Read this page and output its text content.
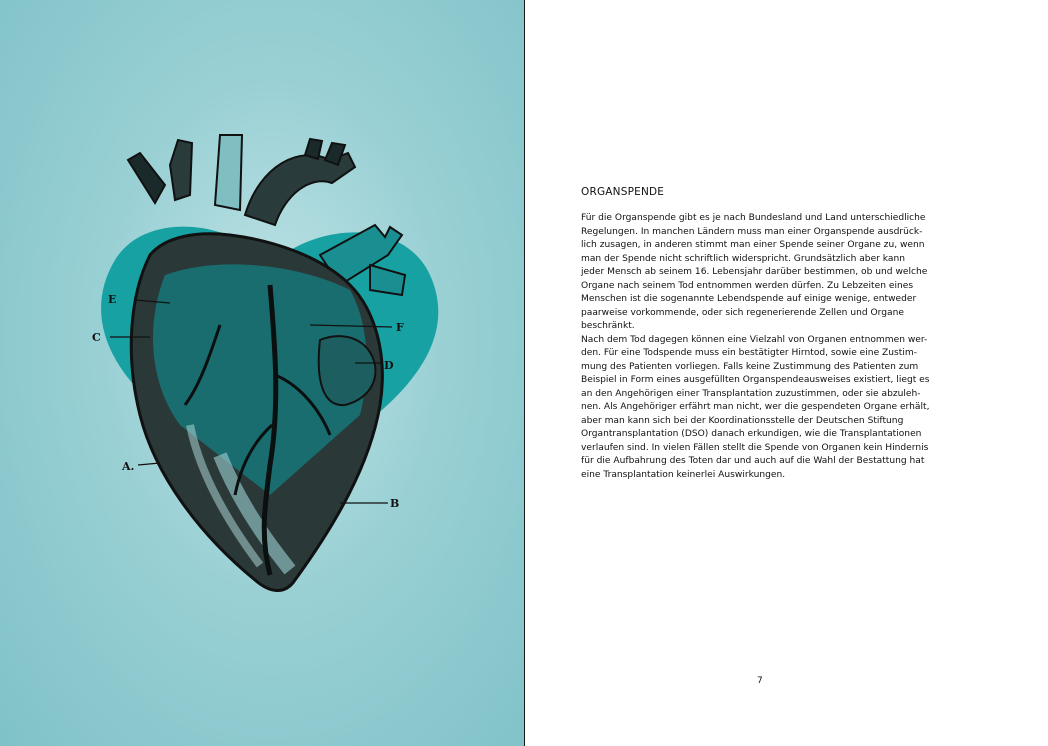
E
C
F
D
A.
B
ORGANSPENDE

Für die Organspende gibt es je nach Bundesland und Land unterschiedliche

Regelungen. In manchen Ländern muss man einer Organspende ausdrück-

lich zusagen, in anderen stimmt man einer Spende seiner Organe zu, wenn

man der Spende nicht schriftlich widerspricht. Grundsätzlich aber kann

jeder Mensch ab seinem 16. Lebensjahr darüber bestimmen, ob und welche

Organe nach seinem Tod entnommen werden dürfen. Zu Lebzeiten eines

Menschen ist die sogenannte Lebendspende auf einige wenige, entweder

paarweise vorkommende, oder sich regenerierende Zellen und Organe

beschränkt.

Nach dem Tod dagegen können eine Vielzahl von Organen entnommen wer-

den. Für eine Todspende muss ein bestätigter Hirntod, sowie eine Zustim-

mung des Patienten vorliegen. Falls keine Zustimmung des Patienten zum

Beispiel in Form eines ausgefüllten Organspendeausweises existiert, liegt es

an den Angehörigen einer Transplantation zuzustimmen, oder sie abzuleh-

nen. Als Angehöriger erfährt man nicht, wer die gespendeten Organe erhält,

aber man kann sich bei der Koordinationsstelle der Deutschen Stiftung

Organtransplantation (DSO) danach erkundigen, wie die Transplantationen

verlaufen sind. In vielen Fällen stellt die Spende von Organen kein Hindernis

für die Aufbahrung des Toten dar und auch auf die Wahl der Bestattung hat

eine Transplantation keinerlei Auswirkungen.

7
